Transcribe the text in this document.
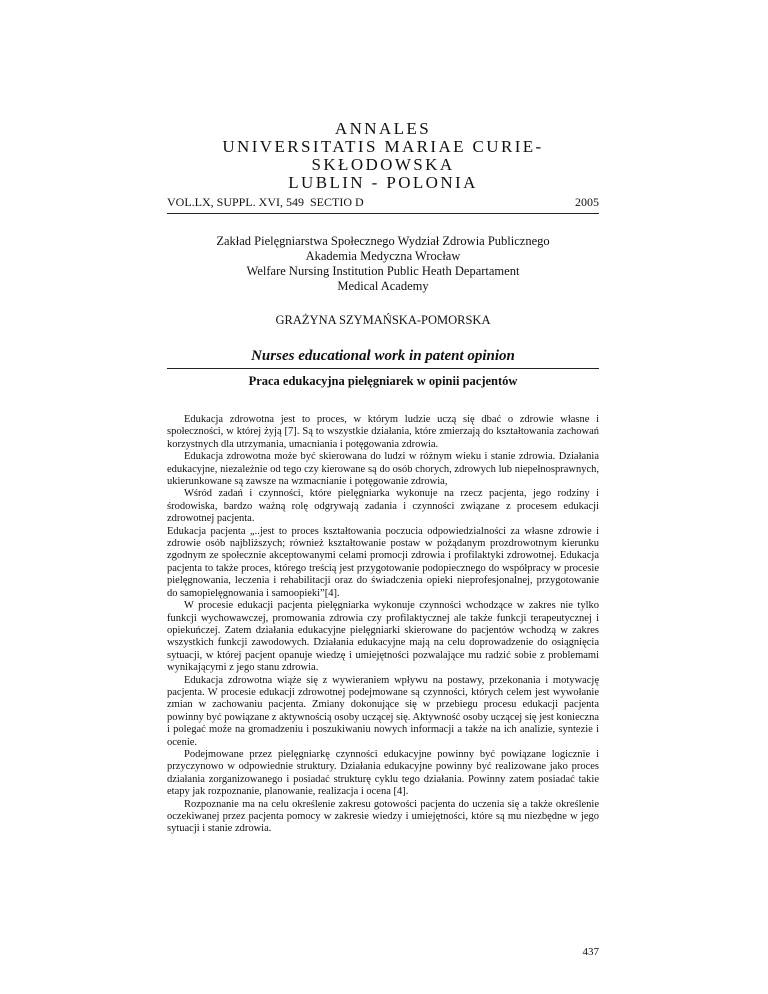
ANNALES
UNIVERSITATIS MARIAE CURIE-SKŁODOWSKA
LUBLIN - POLONIA
VOL.LX, SUPPL. XVI, 549 SECTIO D	2005
Zakład Pielęgniarstwa Społecznego Wydział Zdrowia Publicznego
Akademia Medyczna Wrocław
Welfare Nursing Institution Public Heath Departament
Medical Academy
GRAŻYNA SZYMAŃSKA-POMORSKA
Nurses educational work in patent opinion
Praca edukacyjna pielęgniarek w opinii pacjentów

Edukacja zdrowotna jest to proces, w którym ludzie uczą się dbać o zdrowie własne i społeczności, w której żyją [7]. Są to wszystkie działania, które zmierzają do kształtowania zachowań korzystnych dla utrzymania, umacniania i potęgowania zdrowia.

Edukacja zdrowotna może być skierowana do ludzi w różnym wieku i stanie zdrowia. Działania edukacyjne, niezależnie od tego czy kierowane są do osób chorych, zdrowych lub niepełnosprawnych, ukierunkowane są zawsze na wzmacnianie i potęgowanie zdrowia,

Wśród zadań i czynności, które pielęgniarka wykonuje na rzecz pacjenta, jego rodziny i środowiska, bardzo ważną rolę odgrywają zadania i czynności związane z procesem edukacji zdrowotnej pacjenta.

Edukacja pacjenta „..jest to proces kształtowania poczucia odpowiedzialności za własne zdrowie i zdrowie osób najbliższych; również kształtowanie postaw w pożądanym prozdrowotnym kierunku zgodnym ze społecznie akceptowanymi celami promocji zdrowia i profilaktyki zdrowotnej. Edukacja pacjenta to także proces, którego treścią jest przygotowanie podopiecznego do współpracy w procesie pielęgnowania, leczenia i rehabilitacji oraz do świadczenia opieki nieprofesjonalnej, przygotowanie do samopielęgnowania i samoopieki”[4].

W procesie edukacji pacjenta pielęgniarka wykonuje czynności wchodzące w zakres nie tylko funkcji wychowawczej, promowania zdrowia czy profilaktycznej ale także funkcji terapeutycznej i opiekuńczej. Zatem działania edukacyjne pielęgniarki skierowane do pacjentów wchodzą w zakres wszystkich funkcji zawodowych. Działania edukacyjne mają na celu doprowadzenie do osiągnięcia sytuacji, w której pacjent opanuje wiedzę i umiejętności pozwalające mu radzić sobie z problemami wynikającymi z jego stanu zdrowia.

Edukacja zdrowotna wiąże się z wywieraniem wpływu na postawy, przekonania i motywację pacjenta. W procesie edukacji zdrowotnej podejmowane są czynności, których celem jest wywołanie zmian w zachowaniu pacjenta. Zmiany dokonujące się w przebiegu procesu edukacji pacjenta powinny być powiązane z aktywnością osoby uczącej się. Aktywność osoby uczącej się jest konieczna i polegać może na gromadzeniu i poszukiwaniu nowych informacji a także na ich analizie, syntezie i ocenie.

Podejmowane przez pielęgniarkę czynności edukacyjne powinny być powiązane logicznie i przyczynowo w odpowiednie struktury. Działania edukacyjne powinny być realizowane jako proces działania zorganizowanego i posiadać strukturę cyklu tego działania. Powinny zatem posiadać takie etapy jak rozpoznanie, planowanie, realizacja i ocena [4].

Rozpoznanie ma na celu określenie zakresu gotowości pacjenta do uczenia się a także określenie oczekiwanej przez pacjenta pomocy w zakresie wiedzy i umiejętności, które są mu niezbędne w jego sytuacji i stanie zdrowia.

437
